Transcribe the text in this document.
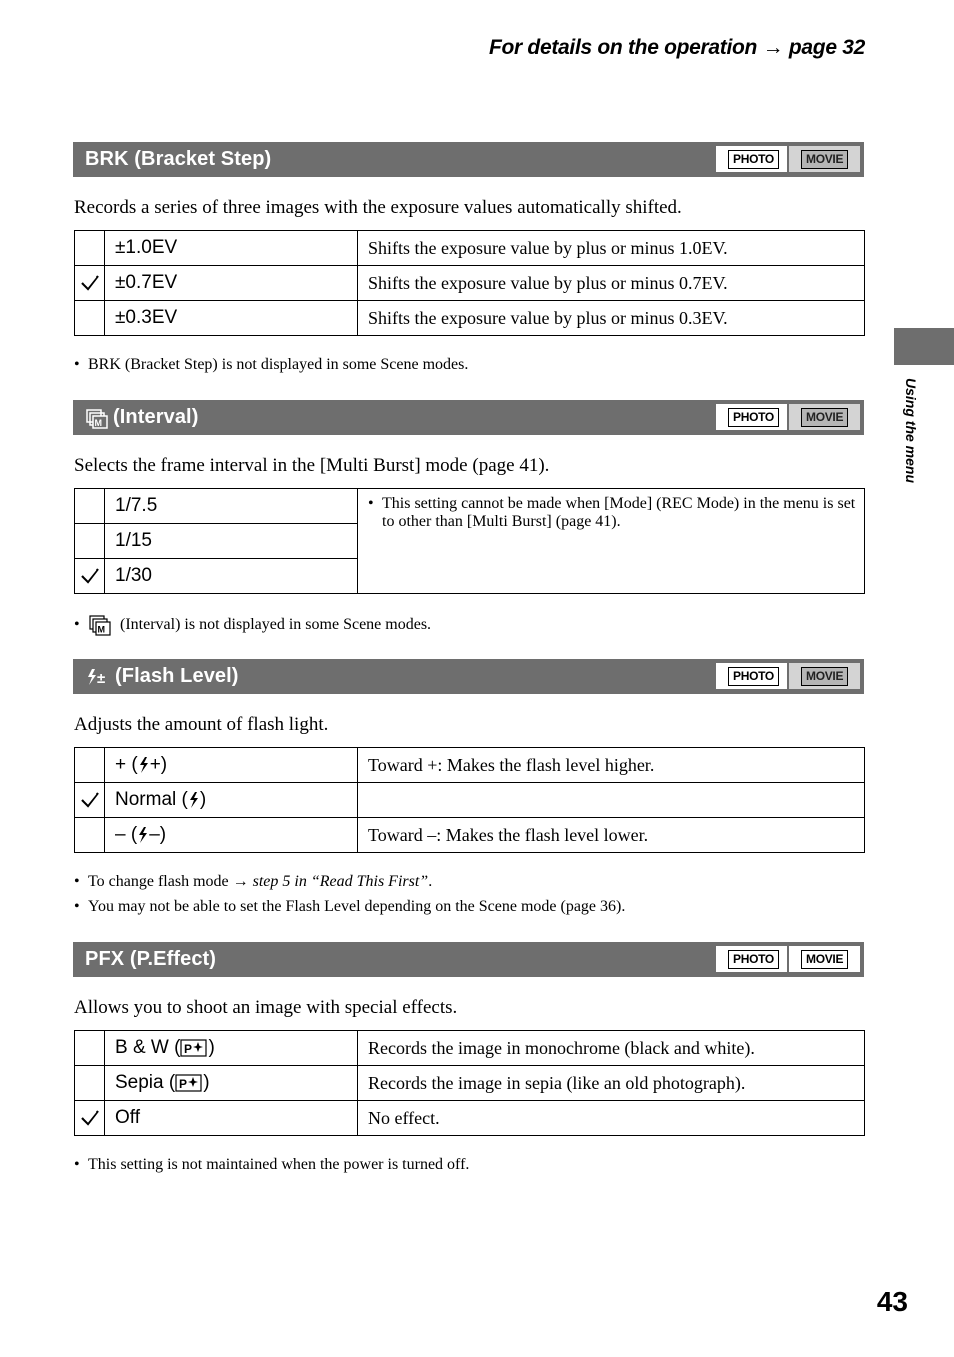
For details on the operation → page 32
Using the menu
BRK (Bracket Step)	PHOTO	MOVIE
Records a series of three images with the exposure values automatically shifted.
	±1.0EV	Shifts the exposure value by plus or minus 1.0EV.
	±0.7EV	Shifts the exposure value by plus or minus 0.7EV.
	±0.3EV	Shifts the exposure value by plus or minus 0.3EV.
• BRK (Bracket Step) is not displayed in some Scene modes.
M (Interval)	PHOTO	MOVIE
Selects the frame interval in the [Multi Burst] mode (page 41).
	1/7.5	• This setting cannot be made when [Mode] (REC Mode) in the menu is set to other than [Multi Burst] (page 41).

	1/15	
	1/30	
•	M (Interval) is not displayed in some Scene modes.
± (Flash Level)	PHOTO	MOVIE
Adjusts the amount of flash light.
	+ ( +)	Toward +: Makes the flash level higher.
	Normal ( )	
	– ( –)	Toward –: Makes the flash level lower.
• To change flash mode
→
step 5 in “Read This First” .
• You may not be able to set the Flash Level depending on the Scene mode (page 36).
PFX (P.Effect)	PHOTO	MOVIE
Allows you to shoot an image with special effects.
	B & W ( P )	Records the image in monochrome (black and white).
	Sepia ( P )	Records the image in sepia (like an old photograph).
	Off	No effect.
• This setting is not maintained when the power is turned off.
43
